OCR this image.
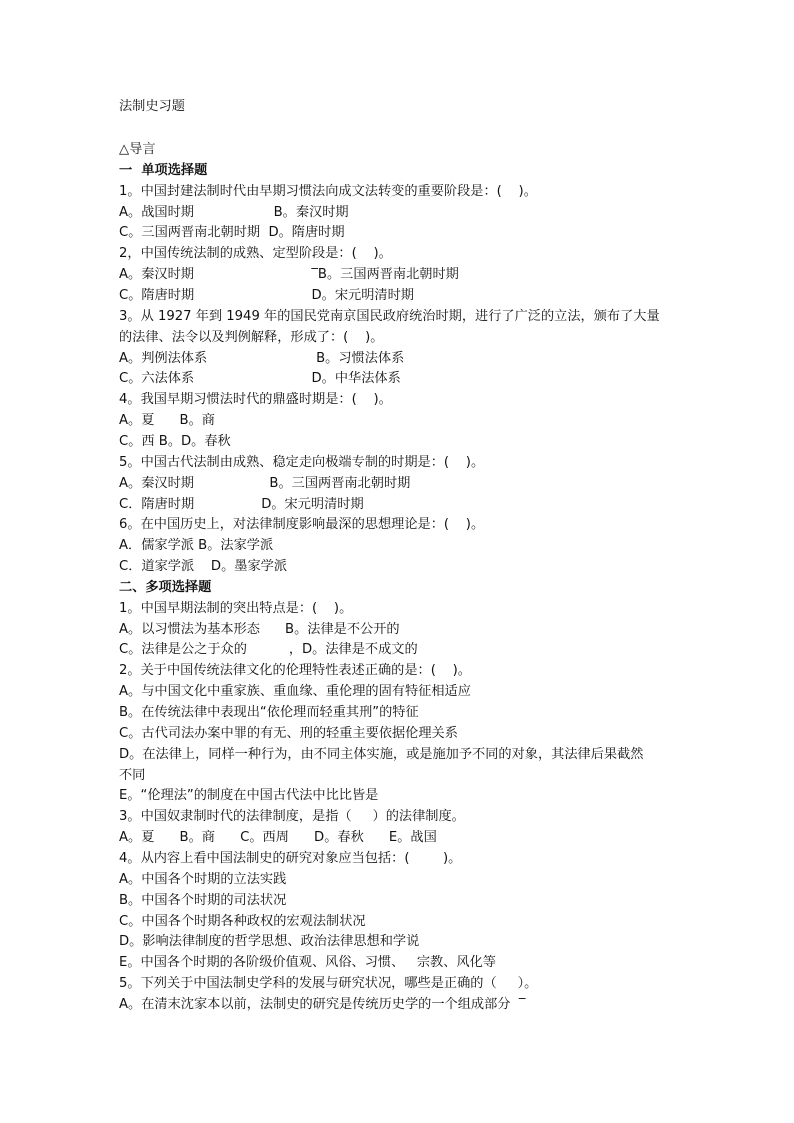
法制史习题
△导言
一  单项选择题
1。中国封建法制时代由早期习惯法向成文法转变的重要阶段是：(    )。
A。战国时期                   B。秦汉时期
C。三国两晋南北朝时期  D。隋唐时期
2，中国传统法制的成熟、定型阶段是：(    )。
A。秦汉时期                            ‾B。三国两晋南北朝时期
C。隋唐时期                            D。宋元明清时期
3。从 1927 年到 1949 年的国民党南京国民政府统治时期，进行了广泛的立法，颁布了大量
的法律、法令以及判例解释，形成了：(    )。
A。判例法体系                          B。习惯法体系
C。六法体系                            D。中华法体系
4。我国早期习惯法时代的鼎盛时期是：(    )。
A。夏      B。商
C。西 B。D。春秋
5。中国古代法制由成熟、稳定走向极端专制的时期是：(    )。
A。秦汉时期                  B。三国两晋南北朝时期
C．隋唐时期                D。宋元明清时期
6。在中国历史上，对法律制度影响最深的思想理论是：(    )。
A．儒家学派 B。法家学派
C．道家学派    D。墨家学派
二、多项选择题
1。中国早期法制的突出特点是：(    )。
A。以习惯法为基本形态      B。法律是不公开的
C。法律是公之于众的          ，D。法律是不成文的
2。关于中国传统法律文化的伦理特性表述正确的是：(    )。
A。与中国文化中重家族、重血缘、重伦理的固有特征相适应
B。在传统法律中表现出“依伦理而轻重其刑”的特征
C。古代司法办案中罪的有无、刑的轻重主要依据伦理关系
D。在法律上，同样一种行为，由不同主体实施，或是施加予不同的对象，其法律后果截然
不同
E。“伦理法”的制度在中国古代法中比比皆是
3。中国奴隶制时代的法律制度，是指（     ）的法律制度。
A。夏      B。商      C。西周      D。春秋      E。战国
4。从内容上看中国法制史的研究对象应当包括：(        )。
A。中国各个时期的立法实践
B。中国各个时期的司法状况
C。中国各个时期各种政权的宏观法制状况
D。影响法律制度的哲学思想、政治法律思想和学说
E。中国各个时期的各阶级价值观、风俗、习惯、   宗教、风化等
5。下列关于中国法制史学科的发展与研究状况，哪些是正确的（     ）。
A。在清末沈家本以前，法制史的研究是传统历史学的一个组成部分  ‾
